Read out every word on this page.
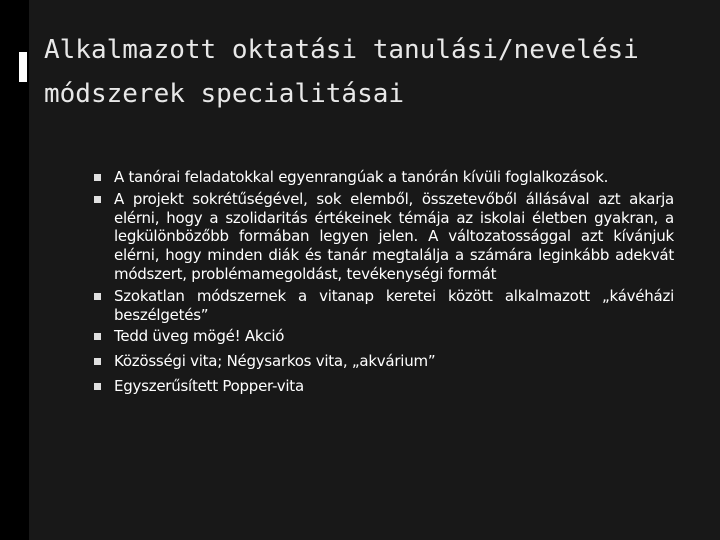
Alkalmazott oktatási tanulási/nevelési módszerek specialitásai
A tanórai feladatokkal egyenrangúak a tanórán kívüli foglalkozások.
A projekt sokrétűségével, sok elemből, összetevőből állásával azt akarja elérni, hogy a szolidaritás értékeinek témája az iskolai életben gyakran, a legkülönbözőbb formában legyen jelen. A változatossággal azt kívánjuk elérni, hogy minden diák és tanár megtalálja a számára leginkább adekvát módszert, problémamegoldást, tevékenységi formát
Szokatlan módszernek a vitanap keretei között alkalmazott „kávéházi beszélgetés”
Tedd üveg mögé! Akció
Közösségi vita; Négysarkos vita, „akvárium”
Egyszerűsített Popper-vita
